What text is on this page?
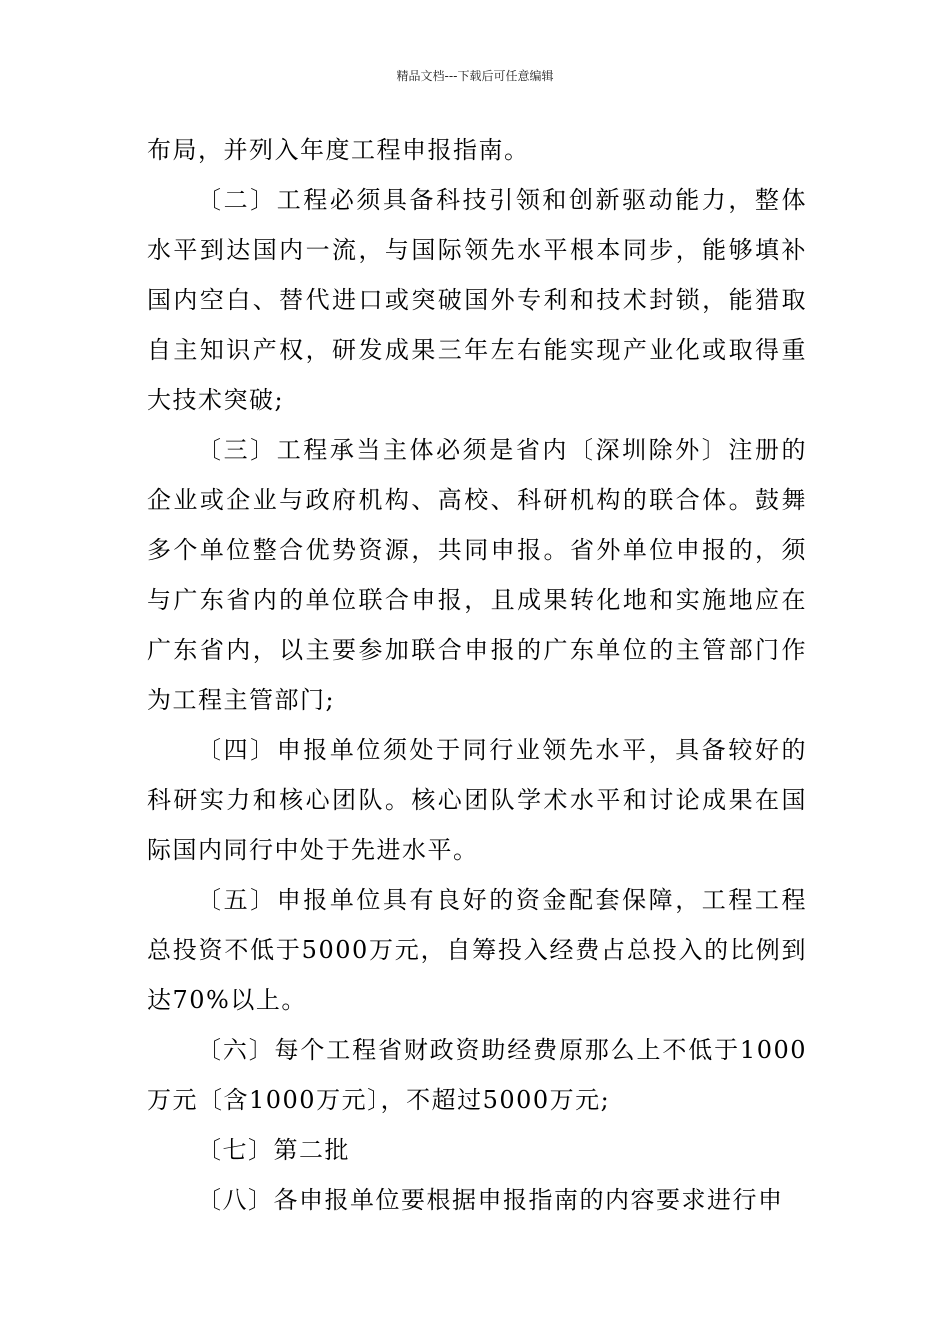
精品文档---下载后可任意编辑

布局，并列入年度工程申报指南。

〔二〕工程必须具备科技引领和创新驱动能力，整体水平到达国内一流，与国际领先水平根本同步，能够填补国内空白、替代进口或突破国外专利和技术封锁，能猎取自主知识产权，研发成果三年左右能实现产业化或取得重大技术突破;

〔三〕工程承当主体必须是省内〔深圳除外〕注册的企业或企业与政府机构、高校、科研机构的联合体。鼓舞多个单位整合优势资源，共同申报。省外单位申报的，须与广东省内的单位联合申报，且成果转化地和实施地应在广东省内，以主要参加联合申报的广东单位的主管部门作为工程主管部门;

〔四〕申报单位须处于同行业领先水平，具备较好的科研实力和核心团队。核心团队学术水平和讨论成果在国际国内同行中处于先进水平。

〔五〕申报单位具有良好的资金配套保障，工程工程总投资不低于5000万元，自筹投入经费占总投入的比例到达70%以上。

〔六〕每个工程省财政资助经费原那么上不低于1000万元〔含1000万元〕，不超过5000万元;

〔七〕第二批

〔八〕各申报单位要根据申报指南的内容要求进行申
